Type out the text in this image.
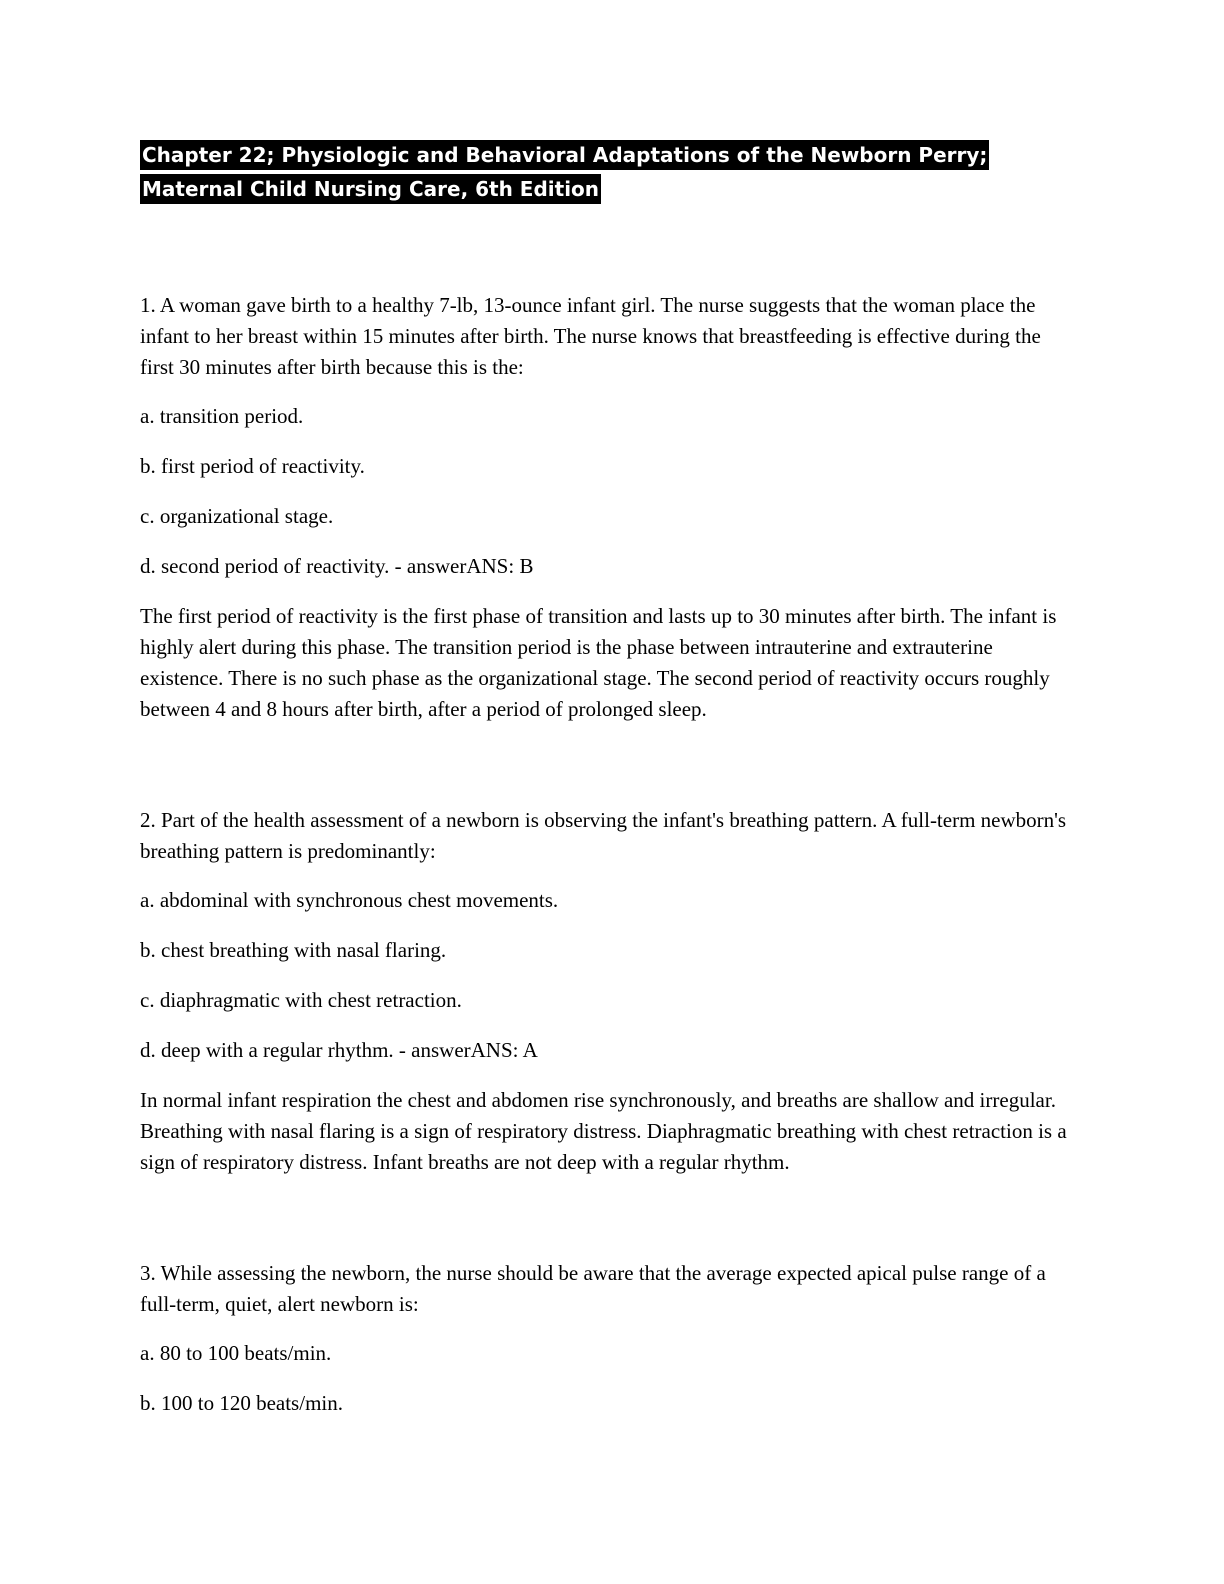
Chapter 22; Physiologic and Behavioral Adaptations of the Newborn Perry;
Maternal Child Nursing Care, 6th Edition

1. A woman gave birth to a healthy 7-lb, 13-ounce infant girl. The nurse suggests that the woman place the infant to her breast within 15 minutes after birth. The nurse knows that breastfeeding is effective during the first 30 minutes after birth because this is the:

a. transition period.

b. first period of reactivity.

c. organizational stage.

d. second period of reactivity. - answerANS: B

The first period of reactivity is the first phase of transition and lasts up to 30 minutes after birth. The infant is highly alert during this phase. The transition period is the phase between intrauterine and extrauterine existence. There is no such phase as the organizational stage. The second period of reactivity occurs roughly between 4 and 8 hours after birth, after a period of prolonged sleep.

2. Part of the health assessment of a newborn is observing the infant's breathing pattern. A full-term newborn's breathing pattern is predominantly:

a. abdominal with synchronous chest movements.

b. chest breathing with nasal flaring.

c. diaphragmatic with chest retraction.

d. deep with a regular rhythm. - answerANS: A

In normal infant respiration the chest and abdomen rise synchronously, and breaths are shallow and irregular. Breathing with nasal flaring is a sign of respiratory distress. Diaphragmatic breathing with chest retraction is a sign of respiratory distress. Infant breaths are not deep with a regular rhythm.

3. While assessing the newborn, the nurse should be aware that the average expected apical pulse range of a full-term, quiet, alert newborn is:

a. 80 to 100 beats/min.

b. 100 to 120 beats/min.
